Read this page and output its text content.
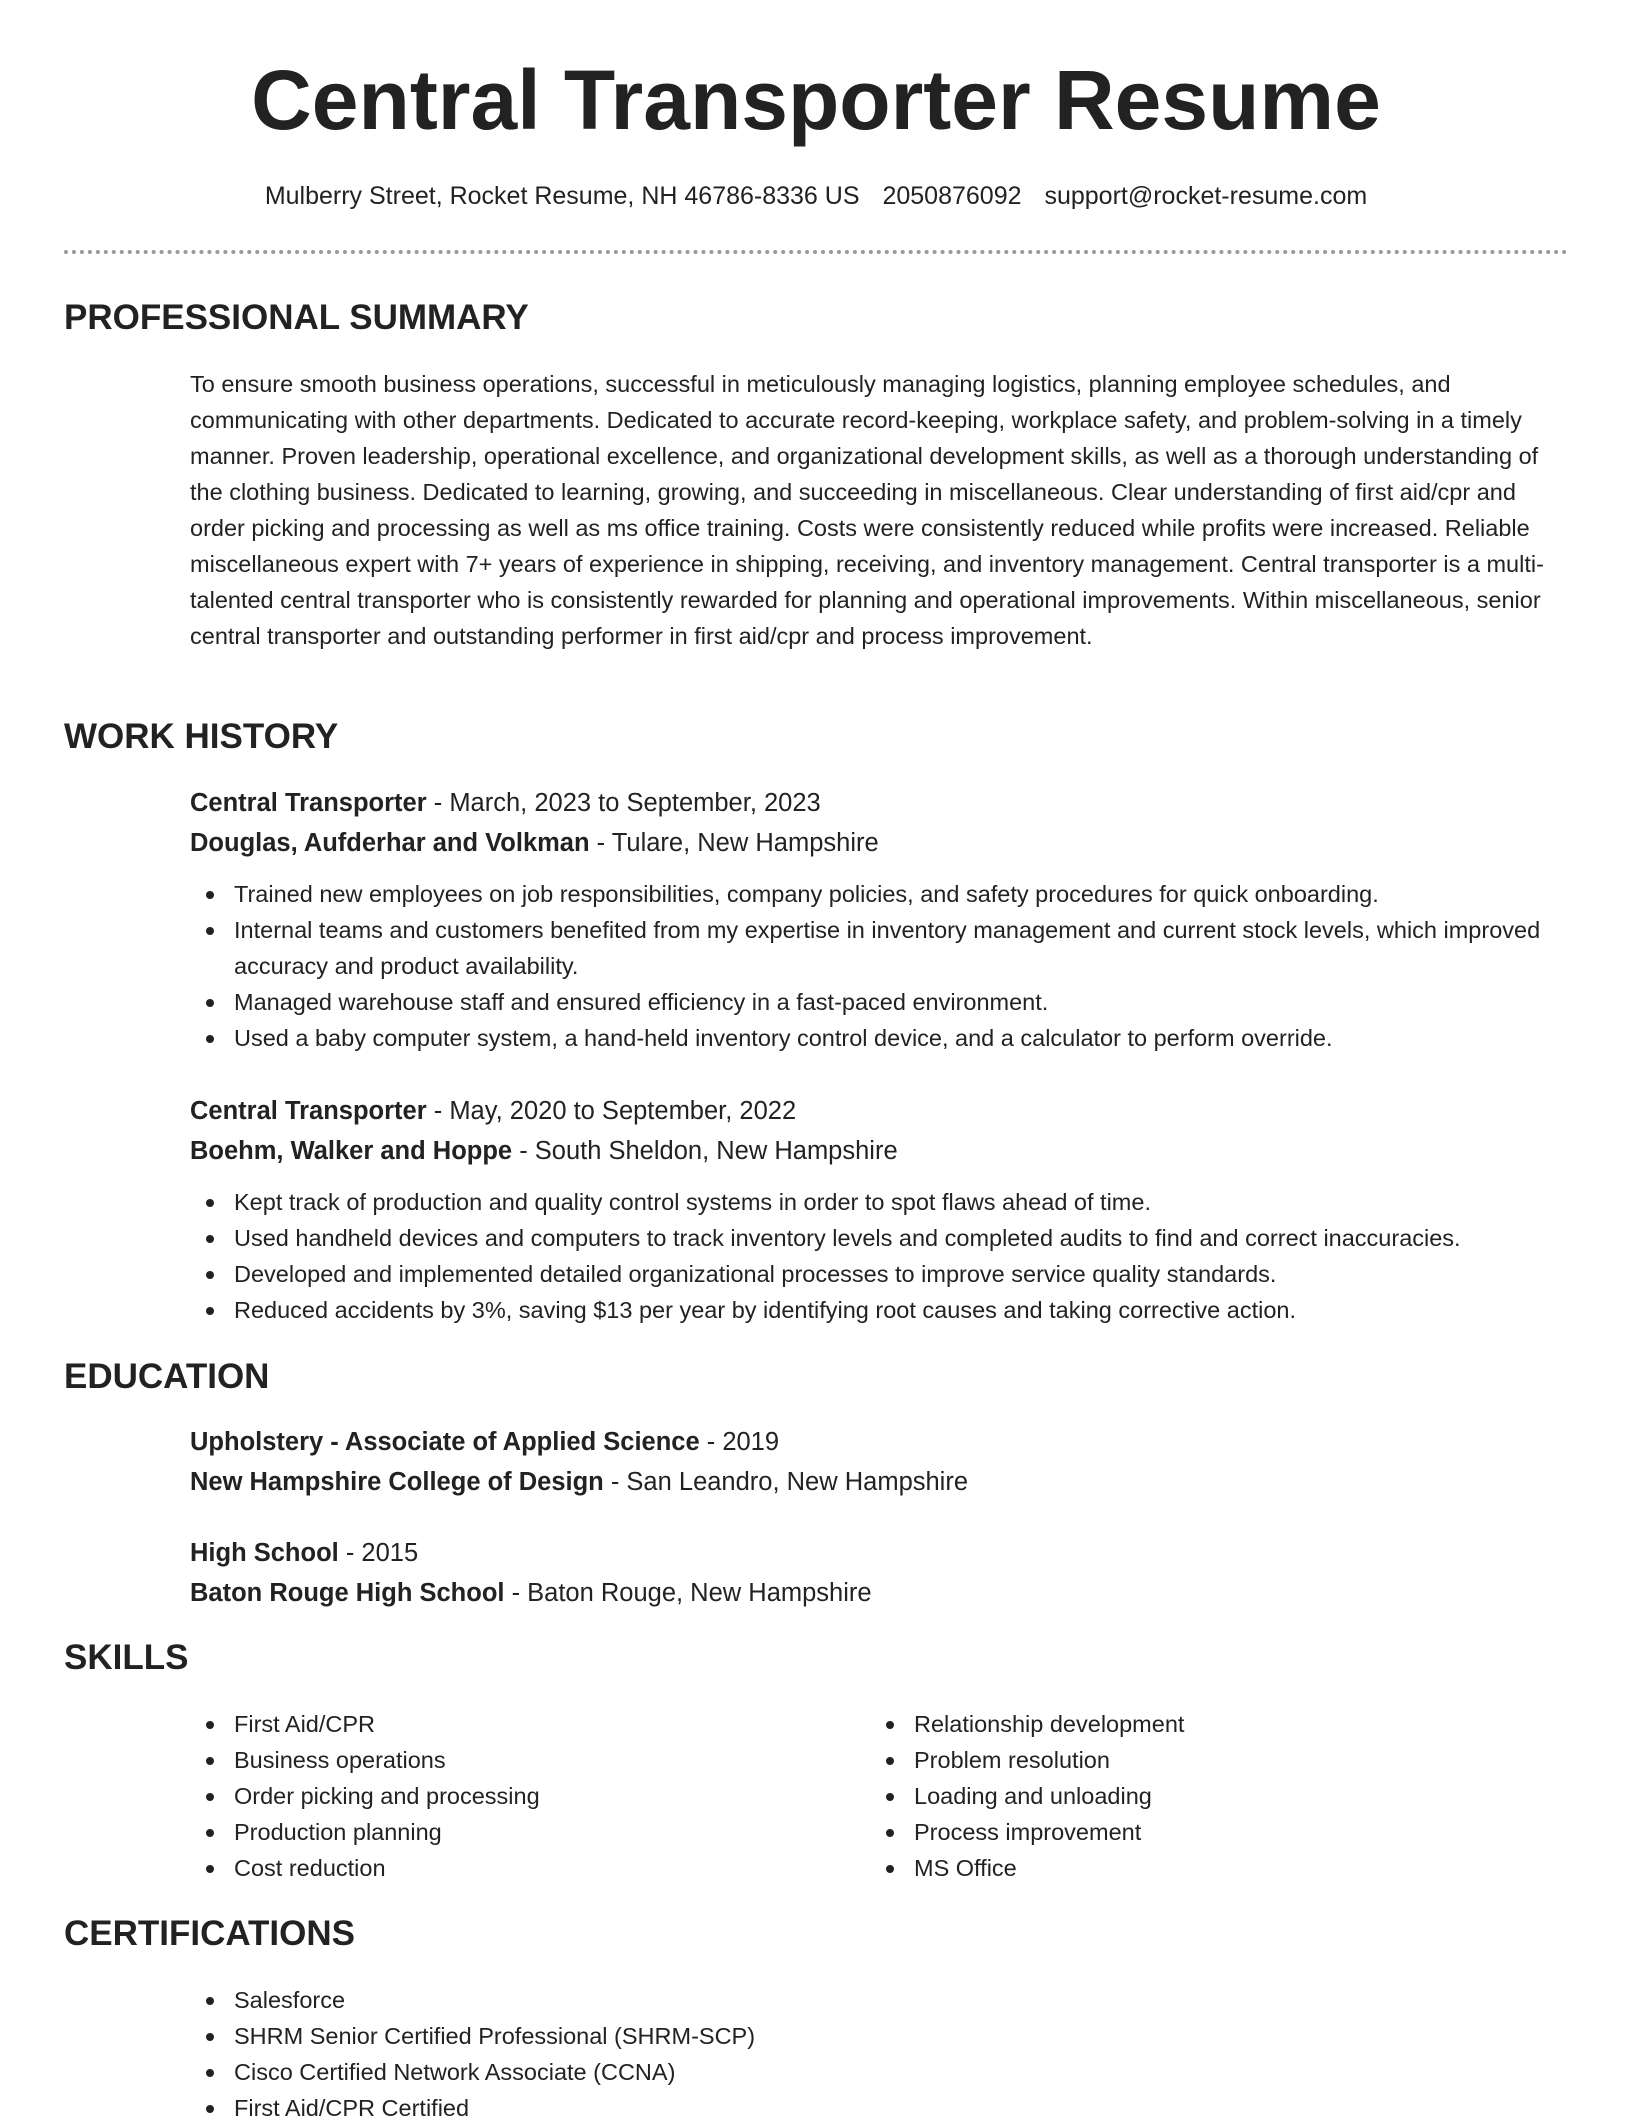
Central Transporter Resume
Mulberry Street, Rocket Resume, NH 46786-8336 US 2050876092 support@rocket-resume.com
PROFESSIONAL SUMMARY

To ensure smooth business operations, successful in meticulously managing logistics, planning employee schedules, and communicating with other departments. Dedicated to accurate record-keeping, workplace safety, and problem-solving in a timely manner. Proven leadership, operational excellence, and organizational development skills, as well as a thorough understanding of the clothing business. Dedicated to learning, growing, and succeeding in miscellaneous. Clear understanding of first aid/cpr and order picking and processing as well as ms office training. Costs were consistently reduced while profits were increased. Reliable miscellaneous expert with 7+ years of experience in shipping, receiving, and inventory management. Central transporter is a multi-talented central transporter who is consistently rewarded for planning and operational improvements. Within miscellaneous, senior central transporter and outstanding performer in first aid/cpr and process improvement.

WORK HISTORY
Central Transporter - March, 2023 to September, 2023
Douglas, Aufderhar and Volkman - Tulare, New Hampshire
Trained new employees on job responsibilities, company policies, and safety procedures for quick onboarding.
Internal teams and customers benefited from my expertise in inventory management and current stock levels, which improved accuracy and product availability.
Managed warehouse staff and ensured efficiency in a fast-paced environment.
Used a baby computer system, a hand-held inventory control device, and a calculator to perform override.
Central Transporter - May, 2020 to September, 2022
Boehm, Walker and Hoppe - South Sheldon, New Hampshire
Kept track of production and quality control systems in order to spot flaws ahead of time.
Used handheld devices and computers to track inventory levels and completed audits to find and correct inaccuracies.
Developed and implemented detailed organizational processes to improve service quality standards.
Reduced accidents by 3%, saving $13 per year by identifying root causes and taking corrective action.
EDUCATION
Upholstery - Associate of Applied Science - 2019
New Hampshire College of Design - San Leandro, New Hampshire
High School - 2015
Baton Rouge High School - Baton Rouge, New Hampshire
SKILLS
First Aid/CPR
Business operations
Order picking and processing
Production planning
Cost reduction
Relationship development
Problem resolution
Loading and unloading
Process improvement
MS Office
CERTIFICATIONS
Salesforce
SHRM Senior Certified Professional (SHRM-SCP)
Cisco Certified Network Associate (CCNA)
First Aid/CPR Certified
